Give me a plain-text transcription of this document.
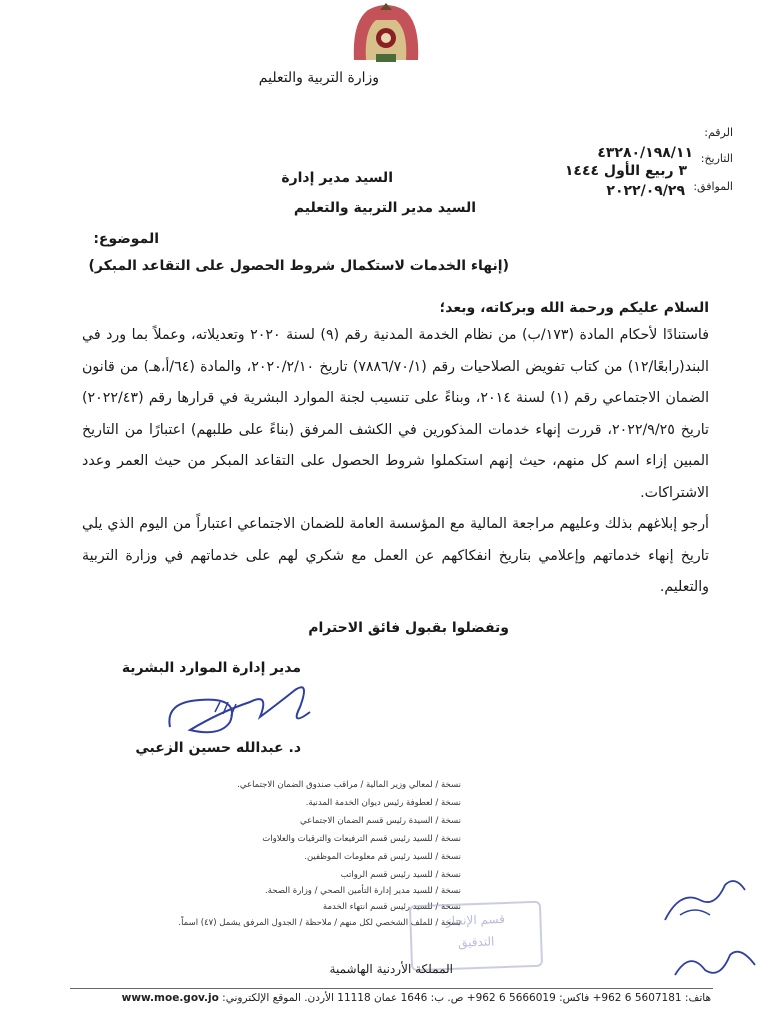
وزارة التربية والتعليم
الرقم:
٤٣٢٨٠/١٩٨/١١ التاريخ:
٣ ربيع الأول ١٤٤٤
الموافق:
٢٠٢٢/٠٩/٢٩
السيد مدير إدارة
السيد مدير التربية والتعليم
الموضوع:
(إنهاء الخدمات لاستكمال شروط الحصول على التقاعد المبكر)
السلام عليكم ورحمة الله وبركاته، وبعد؛
فاستنادًا لأحكام المادة (١٧٣/ب) من نظام الخدمة المدنية رقم (٩) لسنة ٢٠٢٠ وتعديلاته، وعملاً بما ورد في البند(رابعًا/١٢) من كتاب تفويض الصلاحيات رقم (٧٨٨٦/٧٠/١) تاريخ ٢٠٢٠/٢/١٠، والمادة (٦٤/أ،هـ) من قانون الضمان الاجتماعي رقم (١) لسنة ٢٠١٤، وبناءً على تنسيب لجنة الموارد البشرية في قرارها رقم (٢٠٢٢/٤٣) تاريخ ٢٠٢٢/٩/٢٥، قررت إنهاء خدمات المذكورين في الكشف المرفق (بناءً على طلبهم) اعتبارًا من التاريخ المبين إزاء اسم كل منهم، حيث إنهم استكملوا شروط الحصول على التقاعد المبكر من حيث العمر وعدد الاشتراكات.
أرجو إبلاغهم بذلك وعليهم مراجعة المالية مع المؤسسة العامة للضمان الاجتماعي اعتباراً من اليوم الذي يلي تاريخ إنهاء خدماتهم وإعلامي بتاريخ انفكاكهم عن العمل مع شكري لهم على خدماتهم في وزارة التربية والتعليم.
وتفضلوا بقبول فائق الاحترام
مدير إدارة الموارد البشرية
د. عبدالله حسين الزعبي
نسخة / لمعالي وزير المالية / مراقب صندوق الضمان الاجتماعي.
نسخة / لعطوفة رئيس ديوان الخدمة المدنية.
نسخة / السيدة رئيس قسم الضمان الاجتماعي
نسخة / للسيد رئيس قسم الترفيعات والترقيات والعلاوات
نسخة / للسيد رئيس قم معلومات الموظفين.
نسخة / للسيد رئيس قسم الرواتب
نسخة / للسيد مدير إدارة التأمين الصحي / وزارة الصحة.
نسخة / للسيد رئيس قسم انتهاء الخدمة
نسخة / للملف الشخصي لكل منهم / ملاحظة / الجدول المرفق يشمل (٤٧) اسماً.
قسم الإنجاز
التدقيق
المملكة الأردنية الهاشمية
www.moe.gov.jo هاتف: 5607181 6 962+ فاكس: 5666019 6 962+ ص. ب: 1646 عمان 11118 الأردن. الموقع الإلكتروني:
